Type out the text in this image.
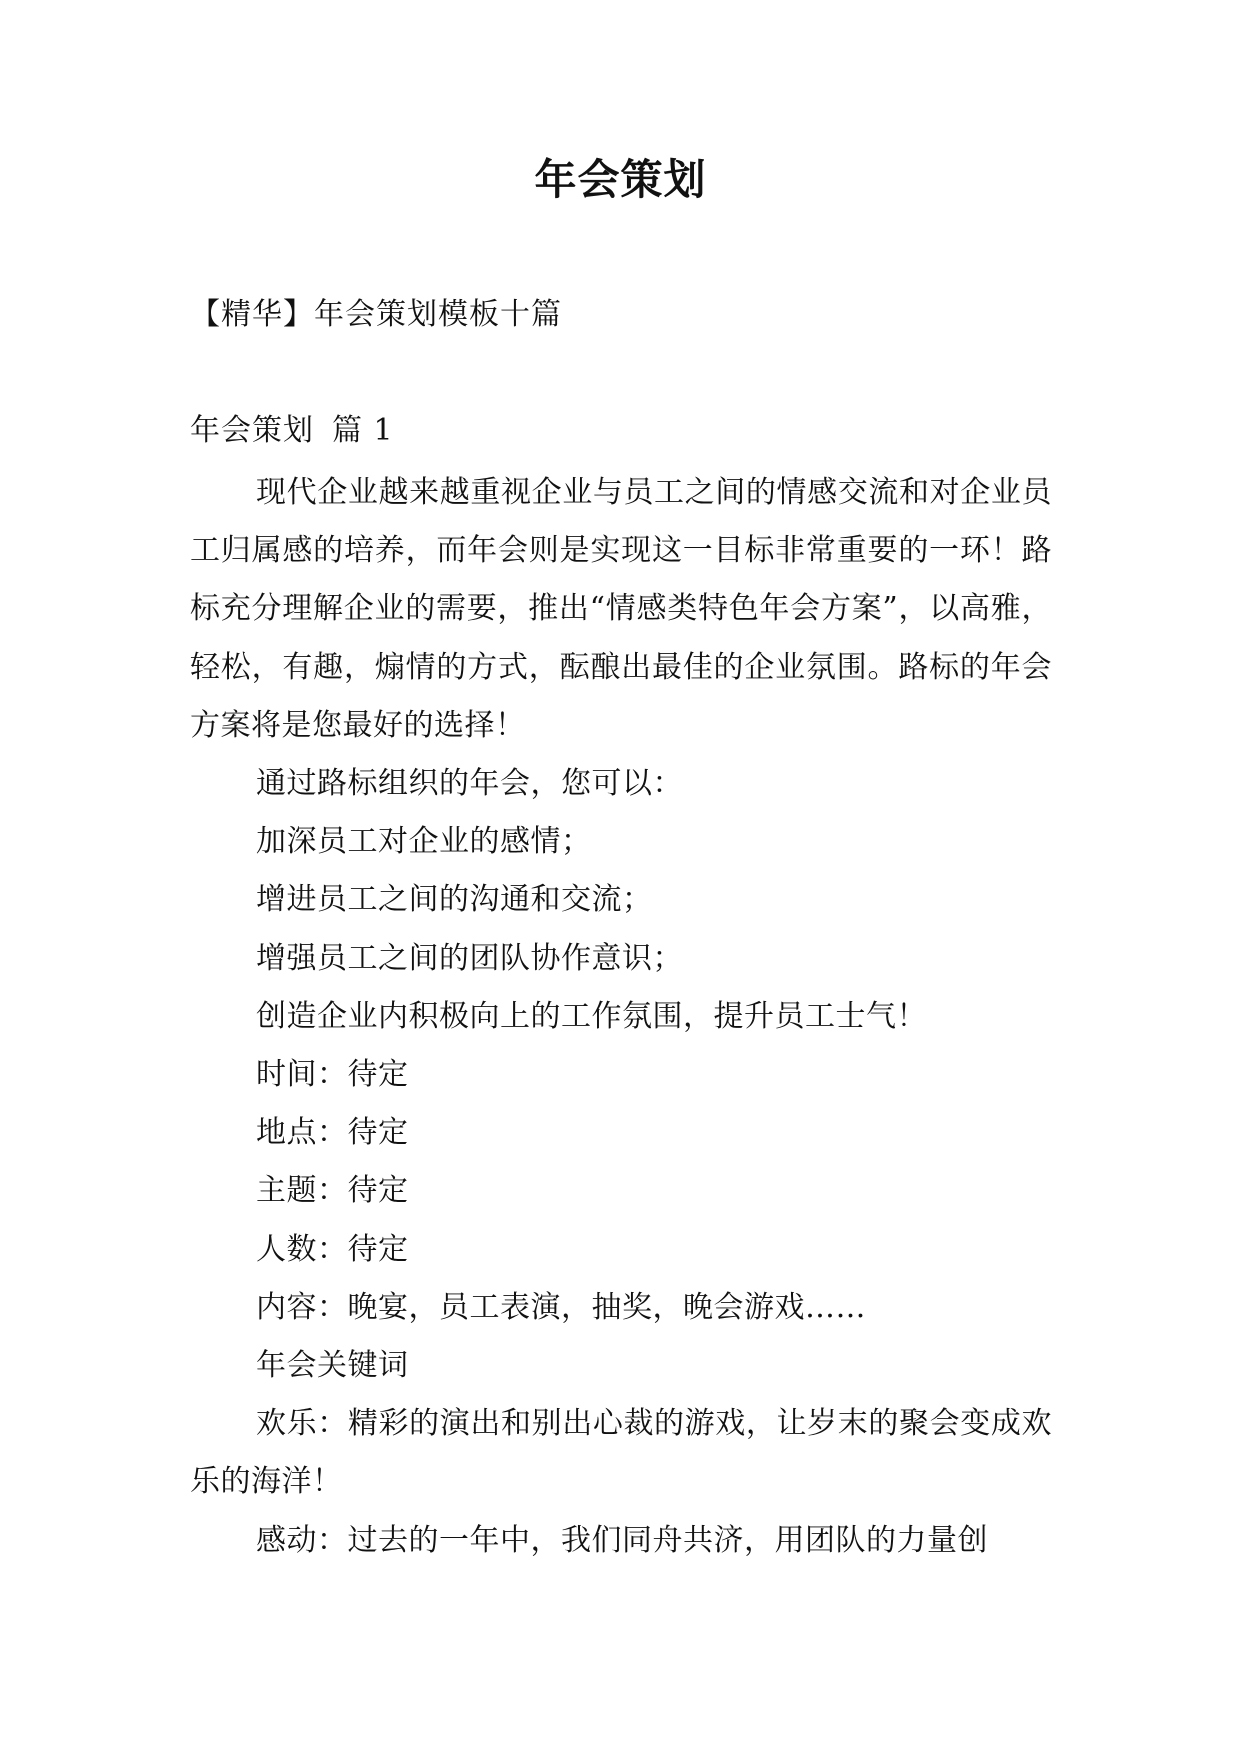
年会策划
【精华】年会策划模板十篇
年会策划 篇 1

现代企业越来越重视企业与员工之间的情感交流和对企业员工归属感的培养，而年会则是实现这一目标非常重要的一环！路标充分理解企业的需要，推出“情感类特色年会方案”，以高雅，轻松，有趣，煽情的方式，酝酿出最佳的企业氛围。路标的年会方案将是您最好的选择！

通过路标组织的年会，您可以：

加深员工对企业的感情；

增进员工之间的沟通和交流；

增强员工之间的团队协作意识；

创造企业内积极向上的工作氛围，提升员工士气！

时间：待定

地点：待定

主题：待定

人数：待定

内容：晚宴，员工表演，抽奖，晚会游戏……

年会关键词

欢乐：精彩的演出和别出心裁的游戏，让岁末的聚会变成欢乐的海洋！

感动：过去的一年中，我们同舟共济，用团队的力量创
